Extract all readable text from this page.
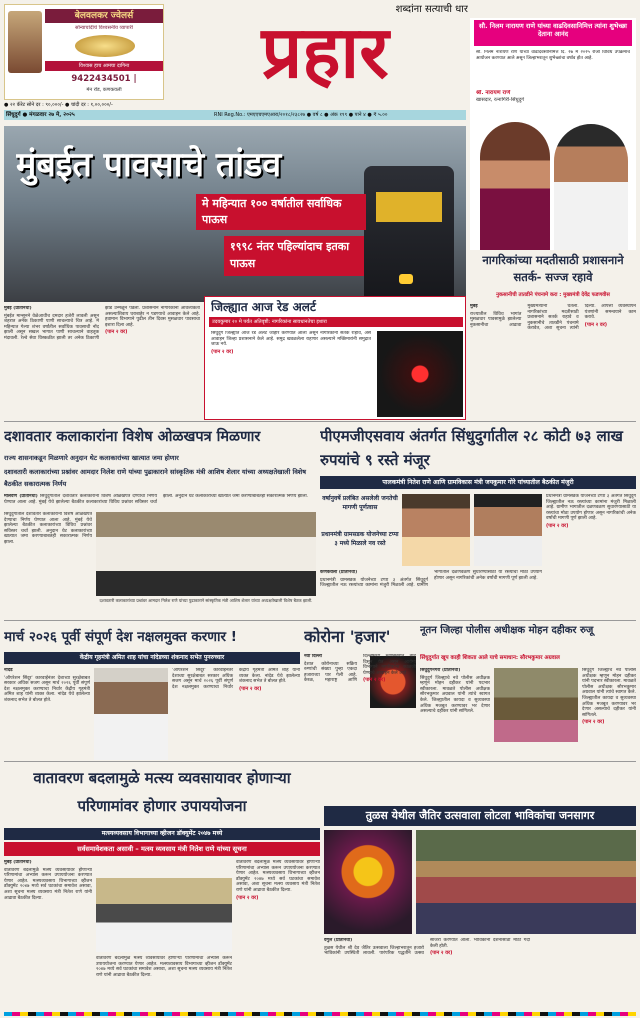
बेलवलकर ज्वेलर्स
सोन्याचांदीचे विश्वसनीय व्यापारी
विश्वास हाच आमचा दागिना
9422434501 |
मेन रोड, कणकवली
● २२ कॅरेट सोने दर : ९०,०००/- ● चांदी दर : १,००,०००/-
शब्दांना सत्याची धार
प्रहार
सिंधुदुर्ग ● मंगळवार २७ मे, २०२५	RNI Reg.No.: एमएएचएमएआरा/२०१८/२३८२७ ● वर्ष ८ ● अंक १९९ ● पाने ४ ● ₹ ५.००
सौ. निलम नारायण राणे यांच्या वाढदिवसानिमित्त त्यांना शुभेच्छा देताना आनंद
सौ. निलम नारायण राणे यांच्या वाढदिवसानिमित्त दि. २७ मे २०२५ रोजी विविध उपक्रमांचे आयोजन करण्यात आले असून जिल्हाभरातून शुभेच्छांचा वर्षाव होत आहे.
श्री. नारायण राणे
खासदार, रत्नागिरी-सिंधुदुर्ग
मुंबईत पावसाचे तांडव
मे महिन्यात १०० वर्षातील सर्वाधिक पाऊस
१९९८ नंतर पहिल्यांदाच इतका पाऊस

मुंबई (प्रतिनिधी)

मुंबईत मान्सूनने वेळेआधीच दमदार हजेरी लावली असून शहरात अनेक ठिकाणी पाणी साचल्याचे चित्र आहे. मे महिन्यात गेल्या शंभर वर्षांतील सर्वाधिक पावसाची नोंद झाली असून सखल भागात पाणी साचल्याने वाहतूक मंदावली. रेल्वे सेवा विस्कळीत झाली तर अनेक ठिकाणी झाडे उन्मळून पडली. प्रशासनाने नागरिकांना आवश्यकता असल्याशिवाय घराबाहेर न पडण्याचे आवाहन केले आहे. हवामान विभागाने पुढील तीन दिवस मुसळधार पावसाचा इशारा दिला आहे.

(पान २ वर)

जिल्ह्यात आज रेड अलर्ट
उदयकुमार २० मे पर्यंत अतिवृष्टी: नागरिकांना सावधानतेचा इशारा

सिंधुदुर्ग जिल्ह्यात आज रेड अलर्ट जाहीर करण्यात आला असून नागरिकांनी सतर्क राहावे, असे आवाहन जिल्हा प्रशासनाने केले आहे. समुद्र खवळलेला राहणार असल्याने मच्छिमारांनी समुद्रात जाऊ नये.

(पान २ वर)

नागरिकांच्या मदतीसाठी प्रशासनाने सतर्क- सज्ज रहावे
नुकसानीची तातडीने पंचनामे करा : मुख्यमंत्री देवेंद्र फडणवीस

मुंबई

राज्यातील विविध भागांत मुसळधार पावसामुळे झालेल्या नुकसानीचा आढावा मुख्यमंत्र्यांनी घेतला. नागरिकांच्या मदतीसाठी प्रशासनाने सतर्क राहावे व नुकसानीचे तातडीने पंचनामे करावेत, अशा सूचना त्यांनी दिल्या. आपत्ती व्यवस्थापन यंत्रणांनी समन्वयाने काम करावे.

(पान २ वर)

दशावतार कलाकारांना विशेष ओळखपत्र मिळणार
राज्य शासनाकडून मिळणारे अनुदान थेट कलाकारांच्या खात्यात जमा होणार
दशावतारी कलाकारांच्या प्रश्नांवर आमदार निलेश राणे यांच्या पुढाकाराने सांस्कृतिक मंत्री आशिष शेलार यांच्या अध्यक्षतेखाली विशेष बैठकीत सकारात्मक निर्णय

मालवण (प्रतिनिधी) सिंधुदुर्गातील दशावतार कलाकारांना विशेष ओळखपत्र देण्याचा निर्णय घेण्यात आला आहे. मुंबई येथे झालेल्या बैठकीत कलाकारांच्या विविध प्रश्नांवर सविस्तर चर्चा झाली. अनुदान थेट कलाकारांच्या खात्यात जमा करण्याबाबतही सकारात्मक निर्णय झाला.

सिंधुदुर्गातील दशावतार कलाकारांना विशेष ओळखपत्र देण्याचा निर्णय घेण्यात आला आहे. मुंबई येथे झालेल्या बैठकीत कलाकारांच्या विविध प्रश्नांवर सविस्तर चर्चा झाली. अनुदान थेट कलाकारांच्या खात्यात जमा करण्याबाबतही सकारात्मक निर्णय झाला.

दशावतारी कलाकारांच्या प्रश्नांवर आमदार निलेश राणे यांच्या पुढाकाराने सांस्कृतिक मंत्री आशिष शेलार यांच्या अध्यक्षतेखाली विशेष बैठक झाली.
पीएमजीएसवाय अंतर्गत सिंधुदुर्गातील २८ कोटी ७३ लाख रुपयांचे ९ रस्ते मंजूर
पालकमंत्री नितेश राणे आणि ग्रामविकास मंत्री जयकुमार गोरे यांच्यातील बैठकीत मंजुरी
वर्षानुवर्षे प्रलंबित असलेली जनतेची मागणी पूर्णत्वास
प्रधानमंत्री ग्रामसडक योजनेच्या टप्पा ३ मध्ये मिळाले नव रस्ते

प्रधानमंत्री ग्रामसडक योजनेच्या टप्पा ३ अंतर्गत सिंधुदुर्ग जिल्ह्यातील नऊ रस्त्यांच्या कामांना मंजुरी मिळाली आहे. ग्रामीण भागातील दळणवळण सुधारण्यासाठी या रस्त्यांचा मोठा उपयोग होणार असून नागरिकांची अनेक वर्षांची मागणी पूर्ण झाली आहे.

(पान २ वर)

कणकवली (प्रतिनिधी)

प्रधानमंत्री ग्रामसडक योजनेच्या टप्पा ३ अंतर्गत सिंधुदुर्ग जिल्ह्यातील नऊ रस्त्यांच्या कामांना मंजुरी मिळाली आहे. ग्रामीण भागातील दळणवळण सुधारण्यासाठी या रस्त्यांचा मोठा उपयोग होणार असून नागरिकांची अनेक वर्षांची मागणी पूर्ण झाली आहे.

मार्च २०२६ पूर्वी संपूर्ण देश नक्षलमुक्त करणार !
केंद्रीय गृहमंत्री अमित शाह यांचा नांदेडच्या शंकनाद सभेत पुनरुच्चार

नांदेड

'ऑपरेशन सिंदूर' कारवाईनंतर देशाच्या सुरक्षेबाबत सरकार अधिक सजग असून मार्च २०२६ पूर्वी संपूर्ण देश नक्षलमुक्त करण्याचा निर्धार केंद्रीय गृहमंत्री अमित शाह यांनी व्यक्त केला. नांदेड येथे झालेल्या शंकनाद सभेत ते बोलत होते.

'ऑपरेशन सिंदूर' कारवाईनंतर देशाच्या सुरक्षेबाबत सरकार अधिक सजग असून मार्च २०२६ पूर्वी संपूर्ण देश नक्षलमुक्त करण्याचा निर्धार केंद्रीय गृहमंत्री अमित शाह यांनी व्यक्त केला. नांदेड येथे झालेल्या शंकनाद सभेत ते बोलत होते.

(पान २ वर)

कोरोना 'हजार'

नवी दिल्ली

देशात कोरोनाच्या सक्रिय रुग्णांची संख्या पुन्हा एकदा हजाराच्या पार गेली आहे. केरळ, महाराष्ट्र आणि दिल्लीमध्ये रुग्णसंख्येत वाढ दिसून येत असून आरोग्य विभागाने नागरिकांना काळजी घेण्याचे आवाहन केले आहे.

(पान २ वर)

नूतन जिल्हा पोलीस अधीक्षक मोहन दहीकर रुजू
सिंधुदुर्गात खूप काही शिकता आले याचे समाधान: सौरभकुमार अग्रवाल

सिंधुदुर्गनगरी (प्रतिनिधी)

सिंधुदुर्ग जिल्ह्याचे नवे पोलीस अधीक्षक म्हणून मोहन दहीकर यांनी पदभार स्वीकारला. मावळते पोलीस अधीक्षक सौरभकुमार अग्रवाल यांनी त्यांचे स्वागत केले. जिल्ह्यातील कायदा व सुव्यवस्था अधिक मजबूत करण्यावर भर देणार असल्याचे दहीकर यांनी सांगितले.

सिंधुदुर्ग जिल्ह्याचे नवे पोलीस अधीक्षक म्हणून मोहन दहीकर यांनी पदभार स्वीकारला. मावळते पोलीस अधीक्षक सौरभकुमार अग्रवाल यांनी त्यांचे स्वागत केले. जिल्ह्यातील कायदा व सुव्यवस्था अधिक मजबूत करण्यावर भर देणार असल्याचे दहीकर यांनी सांगितले.

(पान २ वर)

वातावरण बदलामुळे मत्स्य व्यवसायावर होणाऱ्या परिणामांवर होणार उपाययोजना
मत्स्यव्यवसाय विभागाच्या व्हीजन डॉक्युमेंट २०४७ मध्ये
सर्वसमावेशकता असावी – मत्स्य व्यवसाय मंत्री नितेश राणे यांच्या सूचना

मुंबई (प्रतिनिधी)

वातावरण बदलामुळे मत्स्य व्यवसायावर होणाऱ्या परिणामांचा अभ्यास करून उपाययोजना करण्यात येणार आहेत. मत्स्यव्यवसाय विभागाच्या व्हीजन डॉक्युमेंट २०४७ मध्ये सर्व घटकांचा समावेश असावा, अशा सूचना मत्स्य व्यवसाय मंत्री नितेश राणे यांनी आढावा बैठकीत दिल्या.

वातावरण बदलामुळे मत्स्य व्यवसायावर होणाऱ्या परिणामांचा अभ्यास करून उपाययोजना करण्यात येणार आहेत. मत्स्यव्यवसाय विभागाच्या व्हीजन डॉक्युमेंट २०४७ मध्ये सर्व घटकांचा समावेश असावा, अशा सूचना मत्स्य व्यवसाय मंत्री नितेश राणे यांनी आढावा बैठकीत दिल्या.

वातावरण बदलामुळे मत्स्य व्यवसायावर होणाऱ्या परिणामांचा अभ्यास करून उपाययोजना करण्यात येणार आहेत. मत्स्यव्यवसाय विभागाच्या व्हीजन डॉक्युमेंट २०४७ मध्ये सर्व घटकांचा समावेश असावा, अशा सूचना मत्स्य व्यवसाय मंत्री नितेश राणे यांनी आढावा बैठकीत दिल्या.

(पान २ वर)

तुळस येथील जैतिर उत्सवाला लोटला भाविकांचा जनसागर

वेंगुर्ले (प्रतिनिधी)

तुळस येथील श्री देव जैतिर उत्सवाला जिल्हाभरातून हजारो भाविकांनी उपस्थिती लावली. पारंपरिक पद्धतीने उत्सव साजरा करण्यात आला. भाविकांनी दर्शनासाठी मोठी गर्दी केली होती.

(पान २ वर)
